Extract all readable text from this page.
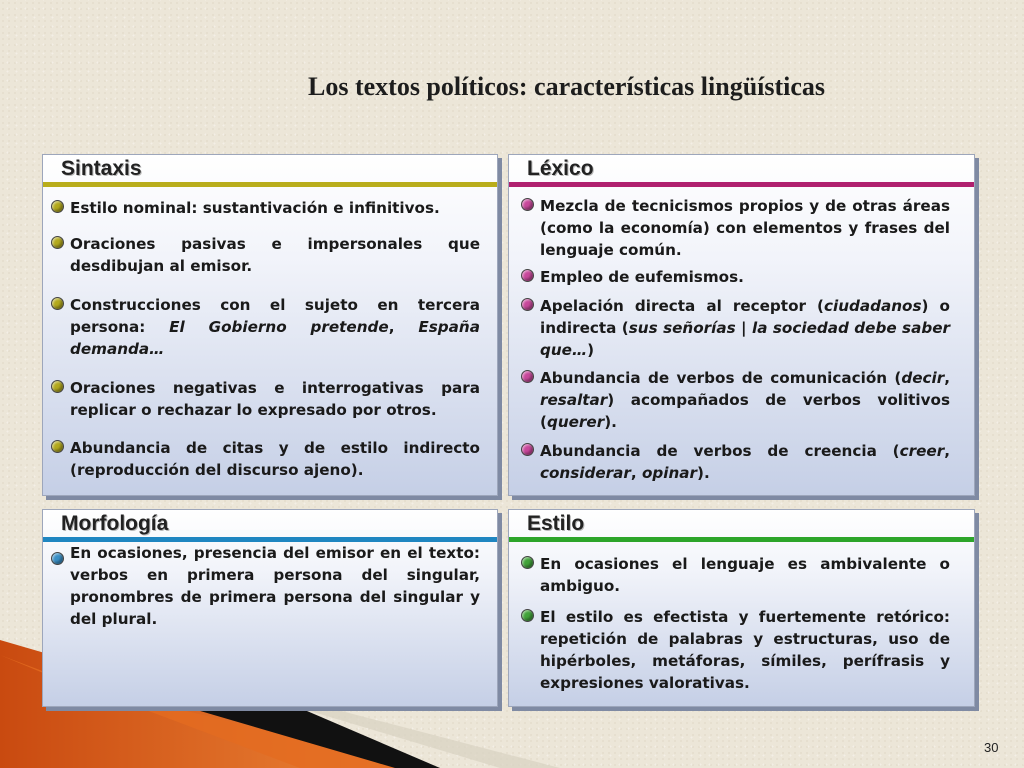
Los textos políticos: características lingüísticas
Sintaxis
Estilo nominal: sustantivación e infinitivos.
Oraciones pasivas e impersonales que desdibujan al emisor.
Construcciones con el sujeto en tercera persona: El Gobierno pretende, España demanda…
Oraciones negativas e interrogativas para replicar o rechazar lo expresado por otros.
Abundancia de citas y de estilo indirecto (reproducción del discurso ajeno).
Léxico
Mezcla de tecnicismos propios y de otras áreas (como la economía) con elementos y frases del lenguaje común.
Empleo de eufemismos.
Apelación directa al receptor (ciudadanos) o indirecta (sus señorías | la sociedad debe saber que…)
Abundancia de verbos de comunicación (decir, resaltar) acompañados de verbos volitivos (querer).
Abundancia de verbos de creencia (creer, considerar, opinar).
Morfología
En ocasiones, presencia del emisor en el texto: verbos en primera persona del singular, pronombres de primera persona del singular y del plural.
Estilo
En ocasiones el lenguaje es ambivalente o ambiguo.
El estilo es efectista y fuertemente retórico: repetición de palabras y estructuras, uso de hipérboles, metáforas, símiles, perífrasis y expresiones valorativas.
30
